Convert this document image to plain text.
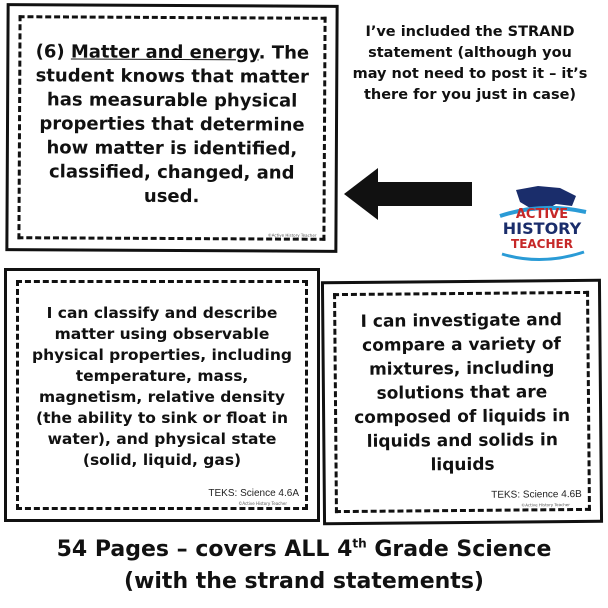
(6) Matter and energy. The student knows that matter has measurable physical properties that determine how matter is identified, classified, changed, and used.
©Active History Teacher
I’ve included the STRAND statement (although you may not need to post it – it’s there for you just in case)
ACTIVE
HISTORY
TEACHER
I can classify and describe matter using observable physical properties, including temperature, mass, magnetism, relative density (the ability to sink or float in water), and physical state (solid, liquid, gas)
TEKS: Science 4.6A
©Active History Teacher
I can investigate and compare a variety of mixtures, including solutions that are composed of liquids in liquids and solids in liquids
TEKS: Science 4.6B
©Active History Teacher
54 Pages – covers ALL 4th Grade Science
(with the strand statements)
